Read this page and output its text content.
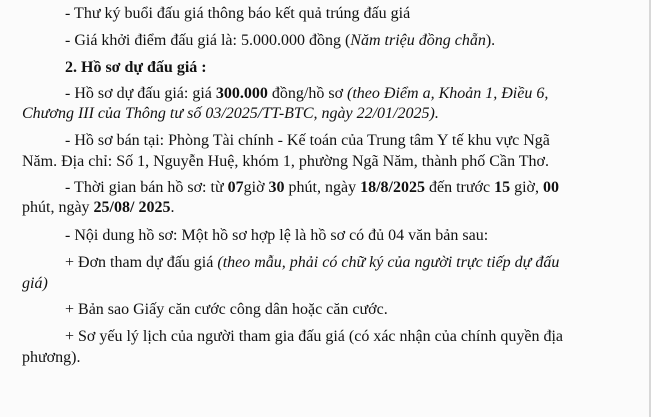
- Thư ký buổi đấu giá thông báo kết quả trúng đấu giá
- Giá khởi điểm đấu giá là: 5.000.000 đồng (Năm triệu đồng chẵn).
2. Hồ sơ dự đấu giá :
- Hồ sơ dự đấu giá: giá 300.000 đồng/hồ sơ (theo Điểm a, Khoản 1, Điều 6,
Chương III của Thông tư số 03/2025/TT-BTC, ngày 22/01/2025).
- Hồ sơ bán tại: Phòng Tài chính - Kế toán của Trung tâm Y tế khu vực Ngã
Năm. Địa chỉ: Số 1, Nguyễn Huệ, khóm 1, phường Ngã Năm, thành phố Cần Thơ.
- Thời gian bán hồ sơ: từ 07giờ 30 phút, ngày 18/8/2025 đến trước 15 giờ, 00
phút, ngày 25/08/ 2025.
- Nội dung hồ sơ: Một hồ sơ hợp lệ là hồ sơ có đủ 04 văn bản sau:
+ Đơn tham dự đấu giá (theo mẫu, phải có chữ ký của người trực tiếp dự đấu
giá)
+ Bản sao Giấy căn cước công dân hoặc căn cước.
+ Sơ yếu lý lịch của người tham gia đấu giá (có xác nhận của chính quyền địa
phương).
